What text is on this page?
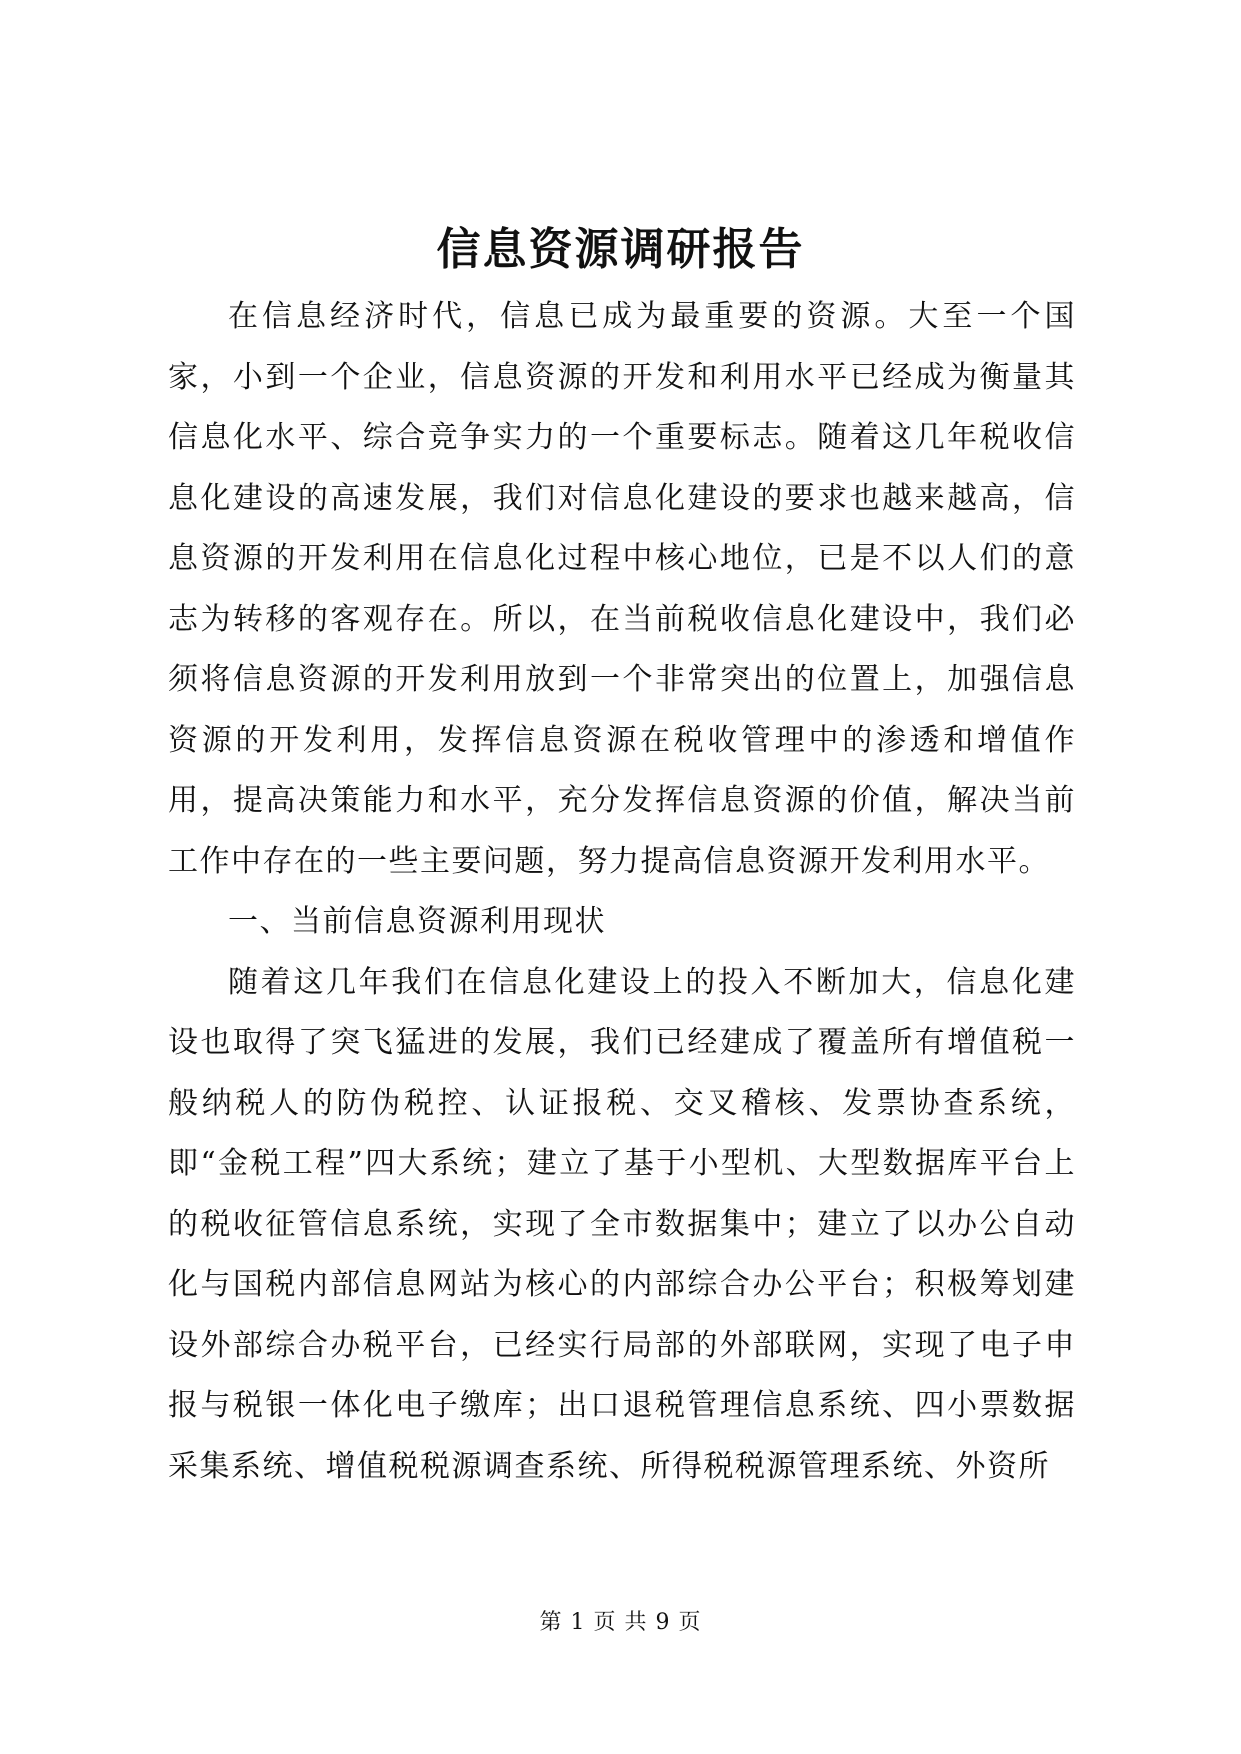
信息资源调研报告

在信息经济时代，信息已成为最重要的资源。大至一个国家，小到一个企业，信息资源的开发和利用水平已经成为衡量其信息化水平、综合竞争实力的一个重要标志。随着这几年税收信息化建设的高速发展，我们对信息化建设的要求也越来越高，信息资源的开发利用在信息化过程中核心地位，已是不以人们的意志为转移的客观存在。所以，在当前税收信息化建设中，我们必须将信息资源的开发利用放到一个非常突出的位置上，加强信息资源的开发利用，发挥信息资源在税收管理中的渗透和增值作用，提高决策能力和水平，充分发挥信息资源的价值，解决当前工作中存在的一些主要问题，努力提高信息资源开发利用水平。

一、当前信息资源利用现状

随着这几年我们在信息化建设上的投入不断加大，信息化建设也取得了突飞猛进的发展，我们已经建成了覆盖所有增值税一般纳税人的防伪税控、认证报税、交叉稽核、发票协查系统，即“金税工程”四大系统；建立了基于小型机、大型数据库平台上的税收征管信息系统，实现了全市数据集中；建立了以办公自动化与国税内部信息网站为核心的内部综合办公平台；积极筹划建设外部综合办税平台，已经实行局部的外部联网，实现了电子申报与税银一体化电子缴库；出口退税管理信息系统、四小票数据采集系统、增值税税源调查系统、所得税税源管理系统、外资所

第 1 页 共 9 页
